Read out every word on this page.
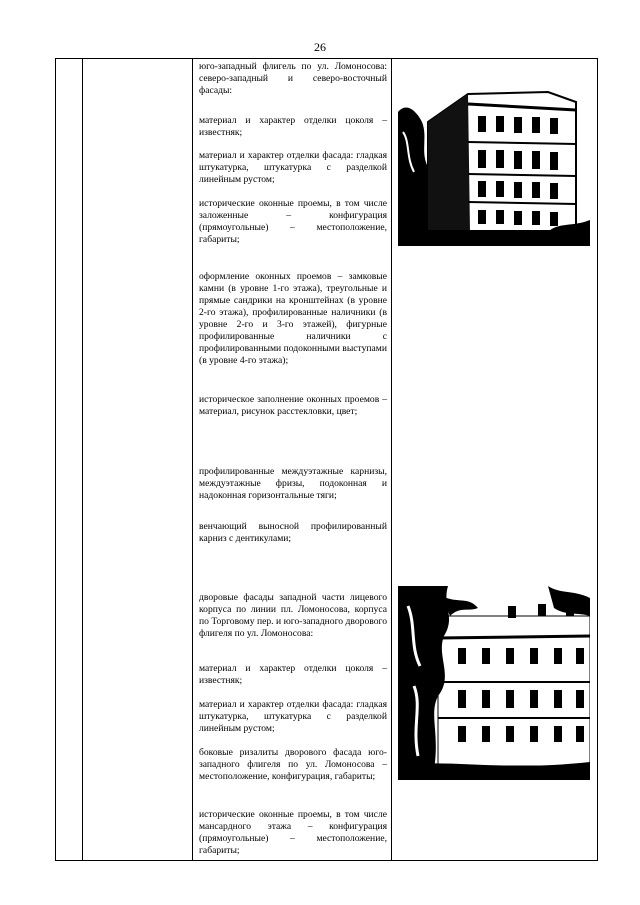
26

юго-западный флигель по ул. Ломоносова: северо-западный и северо-восточный фасады:

материал и характер отделки цоколя – известняк;

материал и характер отделки фасада: гладкая штукатурка, штукатурка с разделкой линейным рустом;

исторические оконные проемы, в том числе заложенные – конфигурация (прямоугольные) – местоположение, габариты;

оформление оконных проемов – замковые камни (в уровне 1-го этажа), треугольные и прямые сандрики на кронштейнах (в уровне 2-го этажа), профилированные наличники (в уровне 2-го и 3-го этажей), фигурные профилированные наличники с профилированными подоконными выступами (в уровне 4-го этажа);

историческое заполнение оконных проемов – материал, рисунок расстекловки, цвет;

профилированные междуэтажные карнизы, междуэтажные фризы, подоконная и надоконная горизонтальные тяги;

венчающий выносной профилированный карниз с дентикулами;

дворовые фасады западной части лицевого корпуса по линии пл. Ломоносова, корпуса по Торговому пер. и юго-западного дворового флигеля по ул. Ломоносова:

материал и характер отделки цоколя – известняк;

материал и характер отделки фасада: гладкая штукатурка, штукатурка с разделкой линейным рустом;

боковые ризалиты дворового фасада юго-западного флигеля по ул. Ломоносова – местоположение, конфигурация, габариты;

исторические оконные проемы, в том числе мансардного этажа – конфигурация (прямоугольные) – местоположение, габариты;
